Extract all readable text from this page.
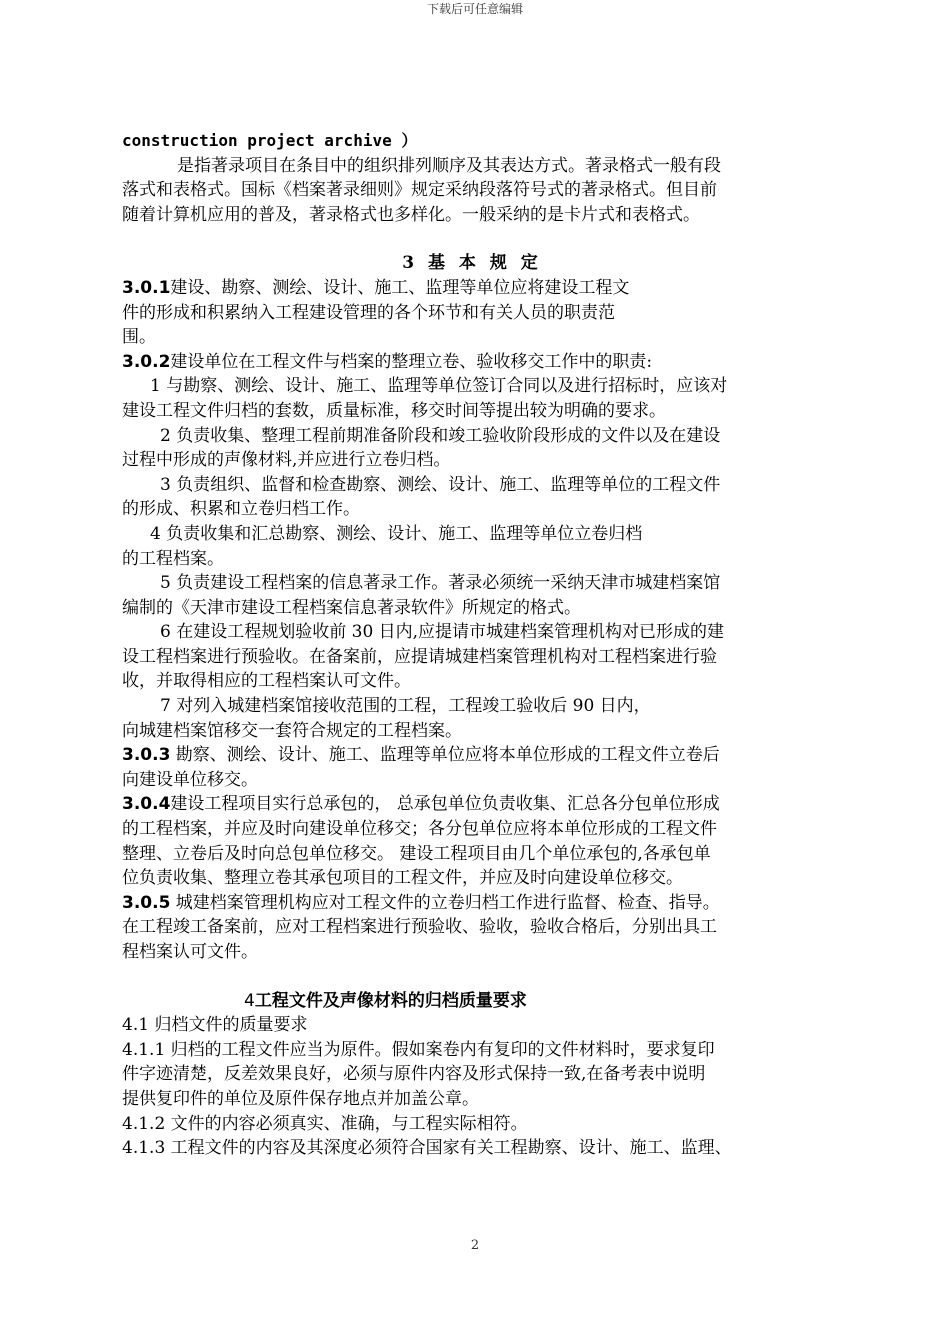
下载后可任意编辑
construction project archive ）
是指著录项目在条目中的组织排列顺序及其表达方式。著录格式一般有段
落式和表格式。国标《档案著录细则》规定采纳段落符号式的著录格式。但目前
随着计算机应用的普及，著录格式也多样化。一般采纳的是卡片式和表格式。
3 基 本 规 定
3.0.1建设、勘察、测绘、设计、施工、监理等单位应将建设工程文
件的形成和积累纳入工程建设管理的各个环节和有关人员的职责范
围。
3.0.2建设单位在工程文件与档案的整理立卷、验收移交工作中的职责:
1 与勘察、测绘、设计、施工、监理等单位签订合同以及进行招标时，应该对
建设工程文件归档的套数，质量标准，移交时间等提出较为明确的要求。
2 负责收集、整理工程前期准备阶段和竣工验收阶段形成的文件以及在建设
过程中形成的声像材料,并应进行立卷归档。
3 负责组织、监督和检查勘察、测绘、设计、施工、监理等单位的工程文件
的形成、积累和立卷归档工作。
4 负责收集和汇总勘察、测绘、设计、施工、监理等单位立卷归档
的工程档案。
5 负责建设工程档案的信息著录工作。著录必须统一采纳天津市城建档案馆
编制的《天津市建设工程档案信息著录软件》所规定的格式。
6 在建设工程规划验收前 30 日内,应提请市城建档案管理机构对已形成的建
设工程档案进行预验收。在备案前，应提请城建档案管理机构对工程档案进行验
收，并取得相应的工程档案认可文件。
7 对列入城建档案馆接收范围的工程，工程竣工验收后 90 日内，
向城建档案馆移交一套符合规定的工程档案。
3.0.3 勘察、测绘、设计、施工、监理等单位应将本单位形成的工程文件立卷后
向建设单位移交。
3.0.4建设工程项目实行总承包的， 总承包单位负责收集、汇总各分包单位形成
的工程档案，并应及时向建设单位移交；各分包单位应将本单位形成的工程文件
整理、立卷后及时向总包单位移交。 建设工程项目由几个单位承包的,各承包单
位负责收集、整理立卷其承包项目的工程文件，并应及时向建设单位移交。
3.0.5 城建档案管理机构应对工程文件的立卷归档工作进行监督、检查、指导。
在工程竣工备案前，应对工程档案进行预验收、验收，验收合格后，分别出具工
程档案认可文件。
4工程文件及声像材料的归档质量要求
4.1 归档文件的质量要求
4.1.1 归档的工程文件应当为原件。假如案卷内有复印的文件材料时，要求复印
件字迹清楚，反差效果良好，必须与原件内容及形式保持一致,在备考表中说明
提供复印件的单位及原件保存地点并加盖公章。
4.1.2 文件的内容必须真实、准确，与工程实际相符。
4.1.3 工程文件的内容及其深度必须符合国家有关工程勘察、设计、施工、监理、
2
